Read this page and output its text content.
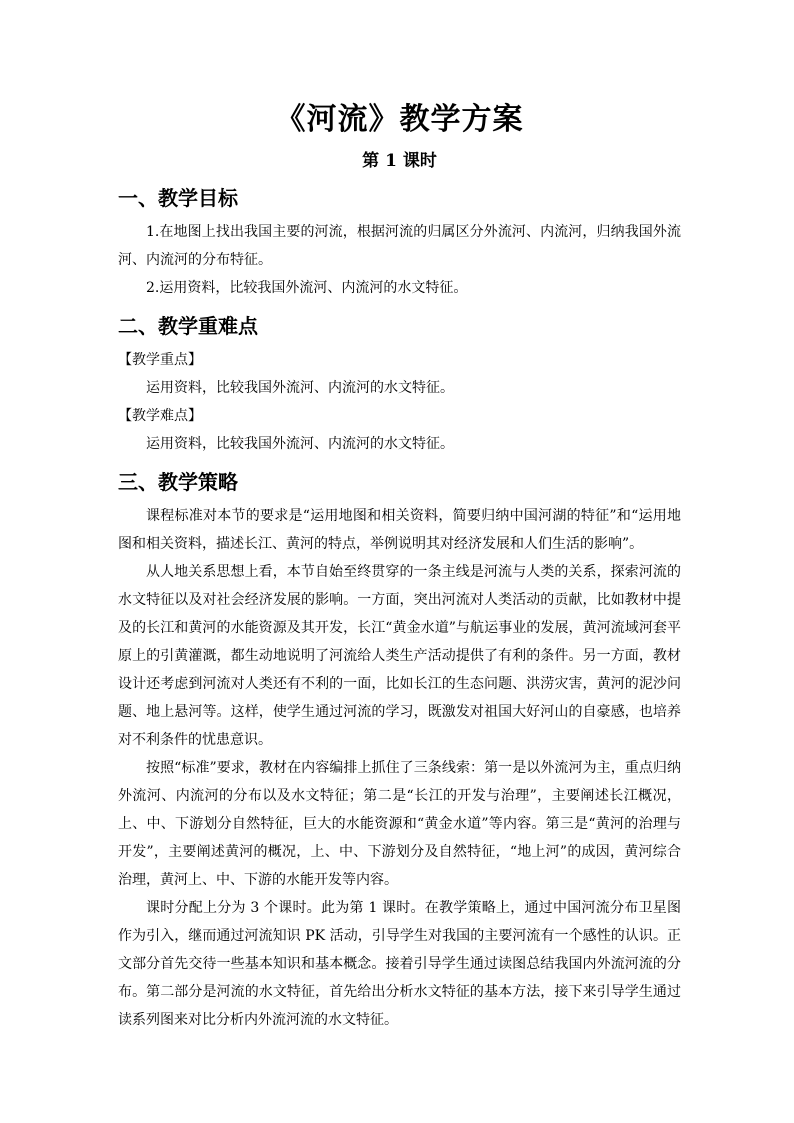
《河流》教学方案
第 1 课时
一、教学目标

1.在地图上找出我国主要的河流，根据河流的归属区分外流河、内流河，归纳我国外流河、内流河的分布特征。

2.运用资料，比较我国外流河、内流河的水文特征。

二、教学重难点
【教学重点】

运用资料，比较我国外流河、内流河的水文特征。

【教学难点】

运用资料，比较我国外流河、内流河的水文特征。

三、教学策略

课程标准对本节的要求是“运用地图和相关资料，简要归纳中国河湖的特征”和“运用地图和相关资料，描述长江、黄河的特点，举例说明其对经济发展和人们生活的影响”。

从人地关系思想上看，本节自始至终贯穿的一条主线是河流与人类的关系，探索河流的水文特征以及对社会经济发展的影响。一方面，突出河流对人类活动的贡献，比如教材中提及的长江和黄河的水能资源及其开发，长江“黄金水道”与航运事业的发展，黄河流域河套平原上的引黄灌溉，都生动地说明了河流给人类生产活动提供了有利的条件。另一方面，教材设计还考虑到河流对人类还有不利的一面，比如长江的生态问题、洪涝灾害，黄河的泥沙问题、地上悬河等。这样，使学生通过河流的学习，既激发对祖国大好河山的自豪感，也培养对不利条件的忧患意识。

按照“标准”要求，教材在内容编排上抓住了三条线索：第一是以外流河为主，重点归纳外流河、内流河的分布以及水文特征；第二是“长江的开发与治理”，主要阐述长江概况，上、中、下游划分自然特征，巨大的水能资源和“黄金水道”等内容。第三是“黄河的治理与开发”，主要阐述黄河的概况，上、中、下游划分及自然特征，“地上河”的成因，黄河综合治理，黄河上、中、下游的水能开发等内容。

课时分配上分为 3 个课时。此为第 1 课时。在教学策略上，通过中国河流分布卫星图作为引入，继而通过河流知识 PK 活动，引导学生对我国的主要河流有一个感性的认识。正文部分首先交待一些基本知识和基本概念。接着引导学生通过读图总结我国内外流河流的分布。第二部分是河流的水文特征，首先给出分析水文特征的基本方法，接下来引导学生通过读系列图来对比分析内外流河流的水文特征。
